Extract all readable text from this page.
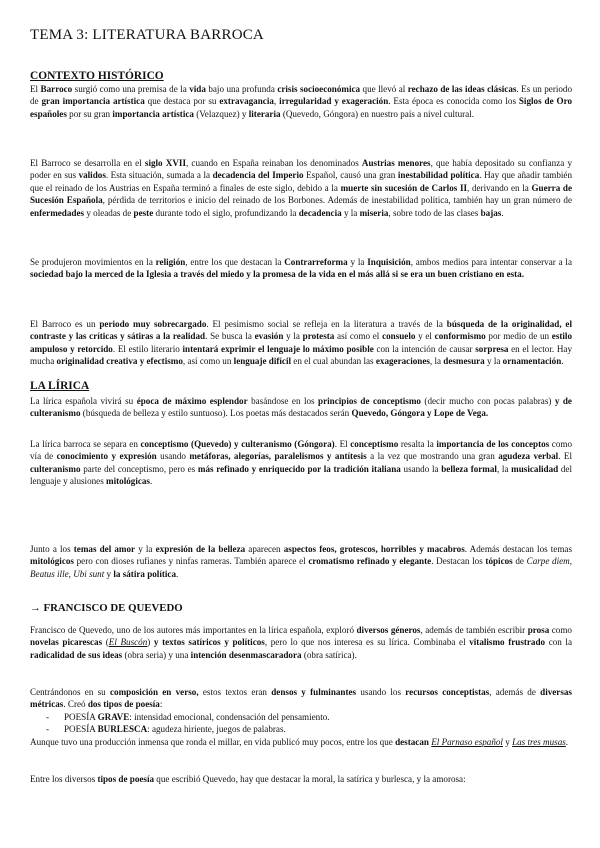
TEMA 3: LITERATURA BARROCA
CONTEXTO HISTÓRICO

El Barroco surgió como una premisa de la vida bajo una profunda crisis socioeconómica que llevó al rechazo de las ideas clásicas. Es un periodo de gran importancia artística que destaca por su extravagancia, irregularidad y exageración. Esta época es conocida como los Siglos de Oro españoles por su gran importancia artística (Velazquez) y literaria (Quevedo, Góngora) en nuestro país a nivel cultural.

El Barroco se desarrolla en el siglo XVII, cuando en España reinaban los denominados Austrias menores, que había depositado su confianza y poder en sus validos. Esta situación, sumada a la decadencia del Imperio Español, causó una gran inestabilidad política. Hay que añadir también que el reinado de los Austrias en España terminó a finales de este siglo, debido a la muerte sin sucesión de Carlos II, derivando en la Guerra de Sucesión Española, pérdida de territorios e inicio del reinado de los Borbones. Además de inestabilidad política, también hay un gran número de enfermedades y oleadas de peste durante todo el siglo, profundizando la decadencia y la miseria, sobre todo de las clases bajas.

Se produjeron movimientos en la religión, entre los que destacan la Contrarreforma y la Inquisición, ambos medios para intentar conservar a la sociedad bajo la merced de la Iglesia a través del miedo y la promesa de la vida en el más allá si se era un buen cristiano en esta.

El Barroco es un periodo muy sobrecargado. El pesimismo social se refleja en la literatura a través de la búsqueda de la originalidad, el contraste y las críticas y sátiras a la realidad. Se busca la evasión y la protesta así como el consuelo y el conformismo por medio de un estilo ampuloso y retorcido. El estilo literario intentará exprimir el lenguaje lo máximo posible con la intención de causar sorpresa en el lector. Hay mucha originalidad creativa y efectismo, así como un lenguaje difícil en el cual abundan las exageraciones, la desmesura y la ornamentación.

LA LÍRICA

La lírica española vivirá su época de máximo esplendor basándose en los principios de conceptismo (decir mucho con pocas palabras) y de culteranismo (búsqueda de belleza y estilo suntuoso). Los poetas más destacados serán Quevedo, Góngora y Lope de Vega.

La lírica barroca se separa en conceptismo (Quevedo) y culteranismo (Góngora). El conceptismo resalta la importancia de los conceptos como vía de conocimiento y expresión usando metáforas, alegorías, paralelismos y antítesis a la vez que mostrando una gran agudeza verbal. El culteranismo parte del conceptismo, pero es más refinado y enriquecido por la tradición italiana usando la belleza formal, la musicalidad del lenguaje y alusiones mitológicas.

Junto a los temas del amor y la expresión de la belleza aparecen aspectos feos, grotescos, horribles y macabros. Además destacan los temas mitológicos pero con dioses rufianes y ninfas rameras. También aparece el cromatismo refinado y elegante. Destacan los tópicos de Carpe diem, Beatus ille, Ubi sunt y la sátira política.

→ FRANCISCO DE QUEVEDO

Francisco de Quevedo, uno de los autores más importantes en la lírica española, exploró diversos géneros, además de también escribir prosa como novelas picarescas (El Buscón) y textos satíricos y políticos, pero lo que nos interesa es su lírica. Combinaba el vitalismo frustrado con la radicalidad de sus ideas (obra seria) y una intención desenmascaradora (obra satírica).

Centrándonos en su composición en verso, estos textos eran densos y fulminantes usando los recursos conceptistas, además de diversas métricas. Creó dos tipos de poesía:

- POESÍA GRAVE: intensidad emocional, condensación del pensamiento.
- POESÍA BURLESCA: agudeza hiriente, juegos de palabras.

Aunque tuvo una producción inmensa que ronda el millar, en vida publicó muy pocos, entre los que destacan El Parnaso español y Las tres musas.

Entre los diversos tipos de poesía que escribió Quevedo, hay que destacar la moral, la satírica y burlesca, y la amorosa:
